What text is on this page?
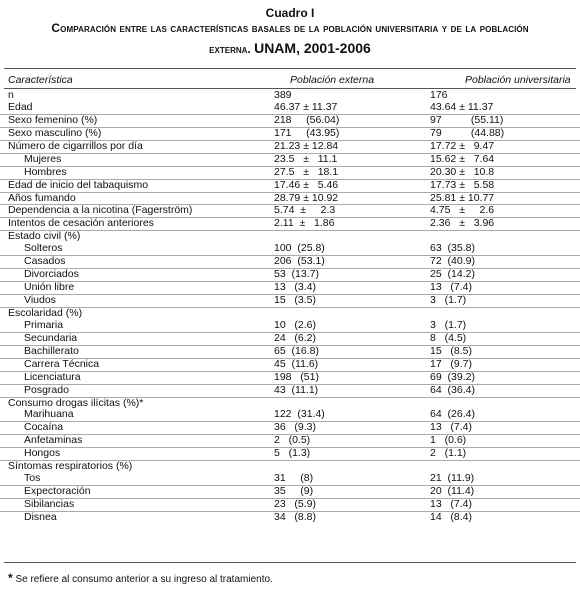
Cuadro I
Comparación entre las características basales de la población universitaria y de la población
externa. UNAM, 2001-2006
Característica	Población externa	Población universitaria
n	389	176
Edad	46.37 ± 11.37	43.64 ± 11.37
Sexo femenino (%)	218     (56.04)	97          (55.11)
Sexo masculino (%)	171     (43.95)	79          (44.88)
Número de cigarrillos por día	21.23 ± 12.84	17.72 ±   9.47
Mujeres	23.5   ±   11.1	15.62 ±   7.64
Hombres	27.5   ±   18.1	20.30 ±   10.8
Edad de inicio del tabaquismo	17.46 ±   5.46	17.73 ±   5.58
Años fumando	28.79 ± 10.92	25.81 ± 10.77
Dependencia a la nicotina (Fagerström)	5.74  ±     2.3	4.75   ±     2.6
Intentos de cesación anteriores	2.11  ±   1.86	2.36   ±   3.96
Estado civil (%)
Solteros	100  (25.8)	63  (35.8)
Casados	206  (53.1)	72  (40.9)
Divorciados	53  (13.7)	25  (14.2)
Unión libre	13   (3.4)	13   (7.4)
Viudos	15   (3.5)	3   (1.7)
Escolaridad (%)
Primaria	10   (2.6)	3   (1.7)
Secundaria	24   (6.2)	8   (4.5)
Bachillerato	65  (16.8)	15   (8.5)
Carrera Técnica	45  (11.6)	17   (9.7)
Licenciatura	198   (51)	69  (39.2)
Posgrado	43  (11.1)	64  (36.4)
Consumo drogas ilícitas (%)*
Marihuana	122  (31.4)	64  (26.4)
Cocaína	36   (9.3)	13   (7.4)
Anfetaminas	2   (0.5)	1   (0.6)
Hongos	5   (1.3)	2   (1.1)
Síntomas respiratorios (%)
Tos	31     (8)	21  (11.9)
Expectoración	35     (9)	20  (11.4)
Sibilancias	23   (5.9)	13   (7.4)
Disnea	34   (8.8)	14   (8.4)
* Se refiere al consumo anterior a su ingreso al tratamiento.
